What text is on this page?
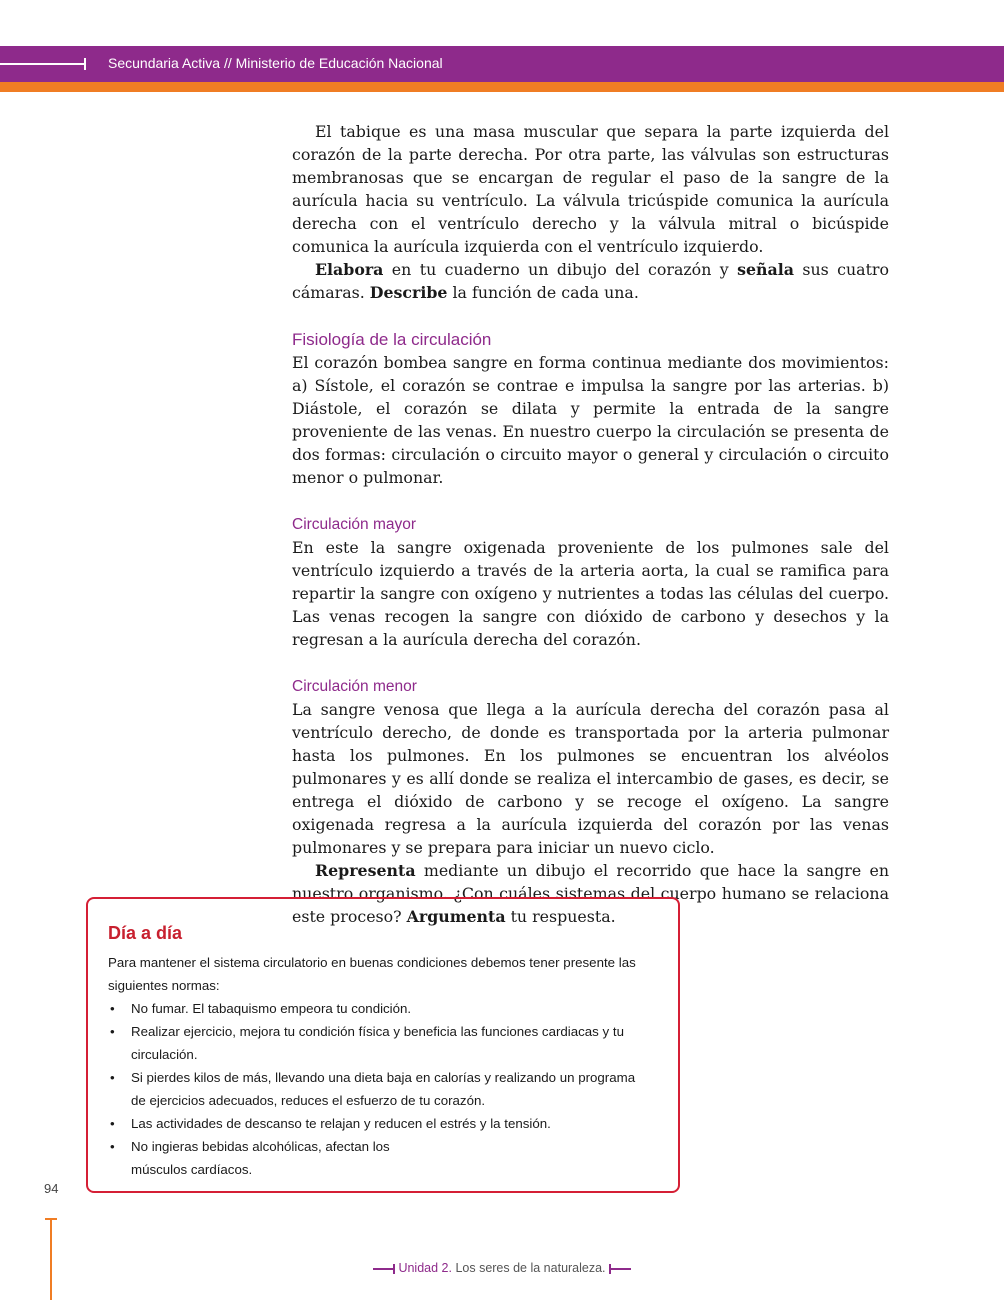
Secundaria Activa // Ministerio de Educación Nacional

El tabique es una masa muscular que separa la parte izquierda del corazón de la parte derecha. Por otra parte, las válvulas son estructuras membranosas que se encargan de regular el paso de la sangre de la aurícula hacia su ventrículo. La válvula tricúspide comunica la aurícula derecha con el ventrículo derecho y la válvula mitral o bicúspide comunica la aurícula izquierda con el ventrículo izquierdo.

Elabora en tu cuaderno un dibujo del corazón y señala sus cuatro cámaras. Describe la función de cada una.

Fisiología de la circulación

El corazón bombea sangre en forma continua mediante dos movimientos: a) Sístole, el corazón se contrae e impulsa la sangre por las arterias. b) Diástole, el corazón se dilata y permite la entrada de la sangre proveniente de las venas. En nuestro cuerpo la circulación se presenta de dos formas: circulación o circuito mayor o general y circulación o circuito menor o pulmonar.

Circulación mayor

En este la sangre oxigenada proveniente de los pulmones sale del ventrículo izquierdo a través de la arteria aorta, la cual se ramifica para repartir la sangre con oxígeno y nutrientes a todas las células del cuerpo. Las venas recogen la sangre con dióxido de carbono y desechos y la regresan a la aurícula derecha del corazón.

Circulación menor

La sangre venosa que llega a la aurícula derecha del corazón pasa al ventrículo derecho, de donde es transportada por la arteria pulmonar hasta los pulmones. En los pulmones se encuentran los alvéolos pulmonares y es allí donde se realiza el intercambio de gases, es decir, se entrega el dióxido de carbono y se recoge el oxígeno. La sangre oxigenada regresa a la aurícula izquierda del corazón por las venas pulmonares y se prepara para iniciar un nuevo ciclo.

Representa mediante un dibujo el recorrido que hace la sangre en nuestro organismo. ¿Con cuáles sistemas del cuerpo humano se relaciona este proceso? Argumenta tu respuesta.

Día a día

Para mantener el sistema circulatorio en buenas condiciones debemos tener presente las siguientes normas:

• No fumar. El tabaquismo empeora tu condición.
• Realizar ejercicio, mejora tu condición física y beneficia las funciones cardiacas y tu circulación.
• Si pierdes kilos de más, llevando una dieta baja en calorías y realizando un programa de ejercicios adecuados, reduces el esfuerzo de tu corazón.
• Las actividades de descanso te relajan y reducen el estrés y la tensión.
• No ingieras bebidas alcohólicas, afectan los músculos cardíacos.
94
Unidad 2. Los seres de la naturaleza.
